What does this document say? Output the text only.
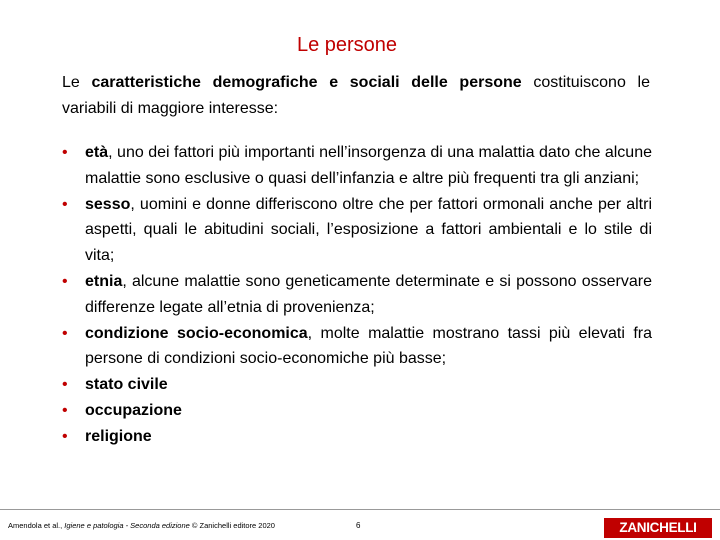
Le persone
Le caratteristiche demografiche e sociali delle persone costituiscono le variabili di maggiore interesse:
• età, uno dei fattori più importanti nell’insorgenza di una malattia dato che alcune malattie sono esclusive o quasi dell’infanzia e altre più frequenti tra gli anziani;
• sesso, uomini e donne differiscono oltre che per fattori ormonali anche per altri aspetti, quali le abitudini sociali, l’esposizione a fattori ambientali e lo stile di vita;
• etnia, alcune malattie sono geneticamente determinate e si possono osservare differenze legate all’etnia di provenienza;
• condizione socio-economica, molte malattie mostrano tassi più elevati fra persone di condizioni socio-economiche più basse;
• stato civile
• occupazione
• religione
Amendola et al., Igiene e patologia - Seconda edizione © Zanichelli editore 2020	6	ZANICHELLI
